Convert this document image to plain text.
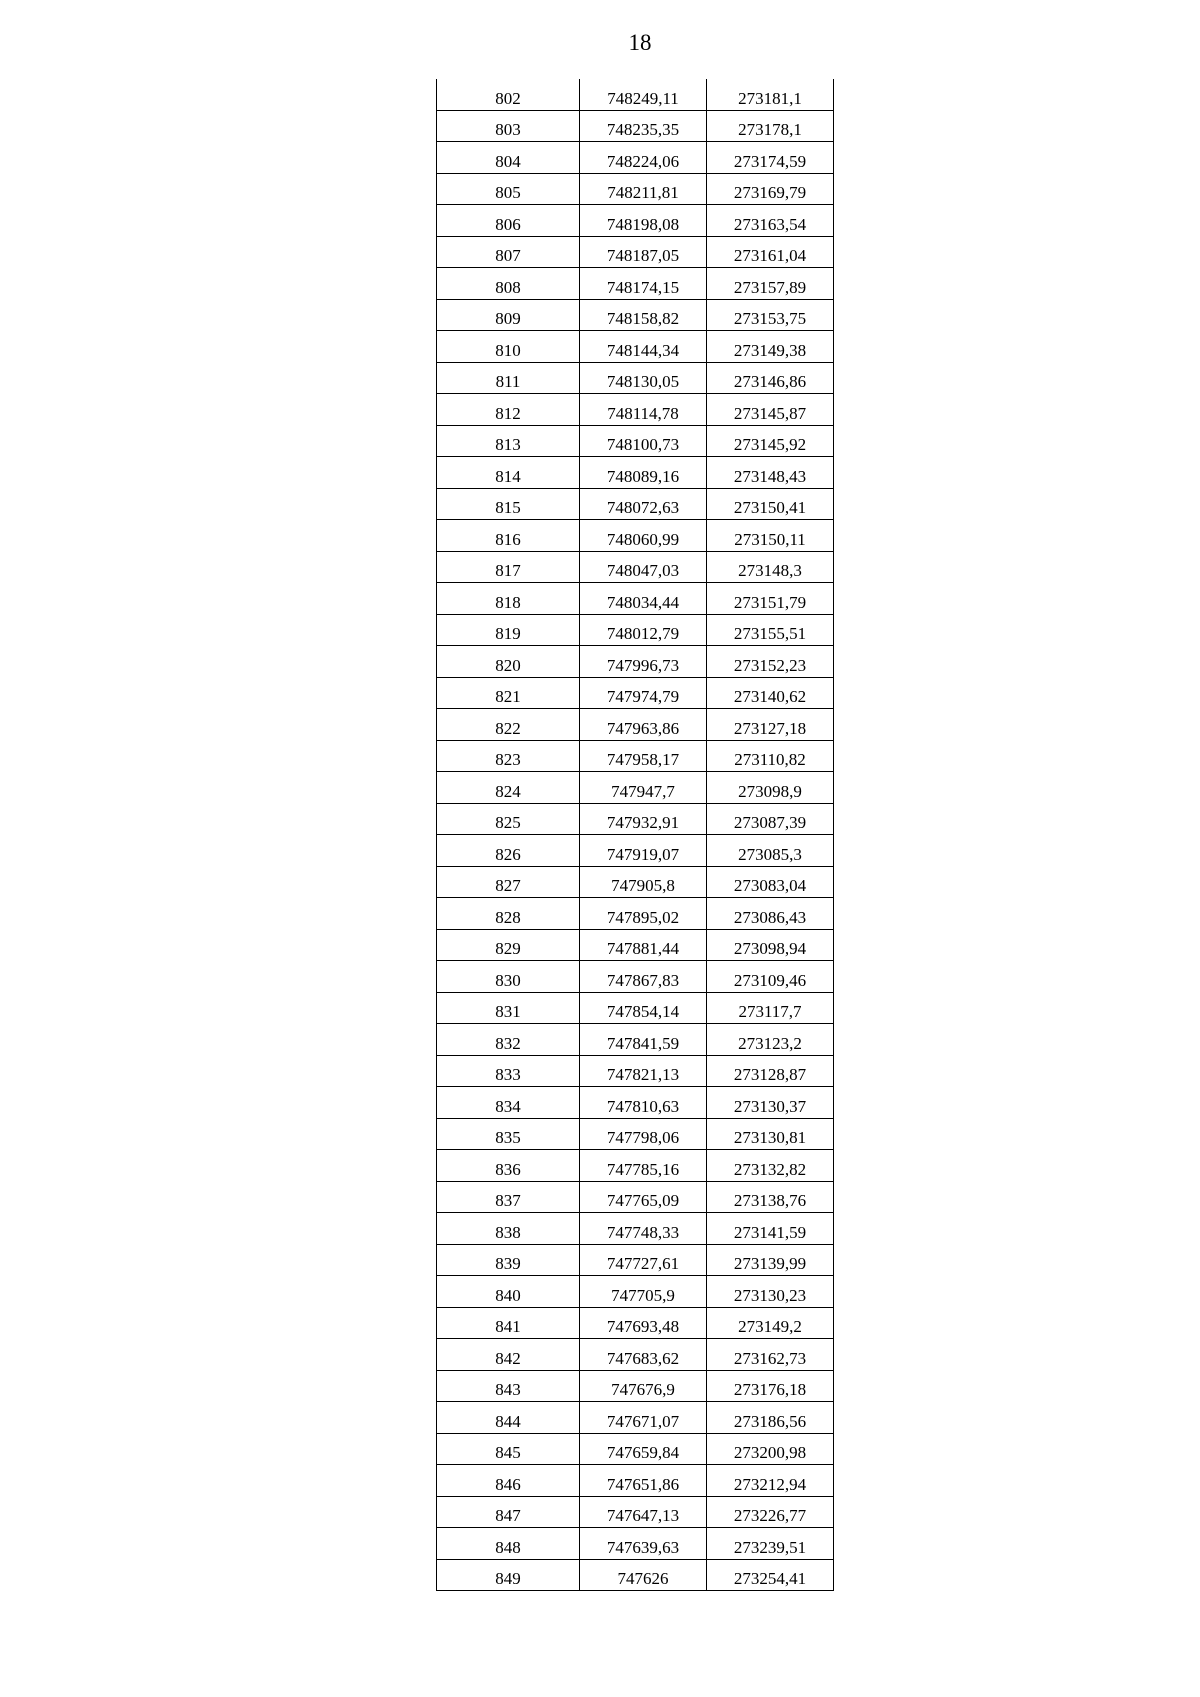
18
802	748249,11	273181,1
803	748235,35	273178,1
804	748224,06	273174,59
805	748211,81	273169,79
806	748198,08	273163,54
807	748187,05	273161,04
808	748174,15	273157,89
809	748158,82	273153,75
810	748144,34	273149,38
811	748130,05	273146,86
812	748114,78	273145,87
813	748100,73	273145,92
814	748089,16	273148,43
815	748072,63	273150,41
816	748060,99	273150,11
817	748047,03	273148,3
818	748034,44	273151,79
819	748012,79	273155,51
820	747996,73	273152,23
821	747974,79	273140,62
822	747963,86	273127,18
823	747958,17	273110,82
824	747947,7	273098,9
825	747932,91	273087,39
826	747919,07	273085,3
827	747905,8	273083,04
828	747895,02	273086,43
829	747881,44	273098,94
830	747867,83	273109,46
831	747854,14	273117,7
832	747841,59	273123,2
833	747821,13	273128,87
834	747810,63	273130,37
835	747798,06	273130,81
836	747785,16	273132,82
837	747765,09	273138,76
838	747748,33	273141,59
839	747727,61	273139,99
840	747705,9	273130,23
841	747693,48	273149,2
842	747683,62	273162,73
843	747676,9	273176,18
844	747671,07	273186,56
845	747659,84	273200,98
846	747651,86	273212,94
847	747647,13	273226,77
848	747639,63	273239,51
849	747626	273254,41
